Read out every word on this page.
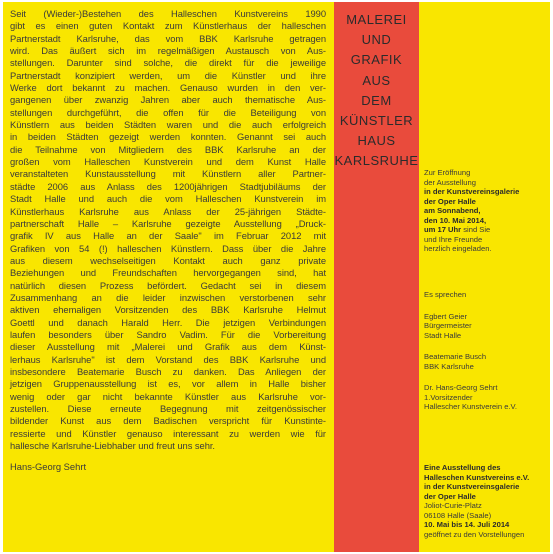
Seit (Wieder-)Bestehen des Halleschen Kunstvereins 1990
gibt es einen guten Kontakt zum Künstlerhaus der halleschen
Partnerstadt Karlsruhe, das vom BBK Karlsruhe getragen
wird. Das äußert sich im regelmäßigen Austausch von Aus-
stellungen. Darunter sind solche, die direkt für die jeweilige
Partnerstadt konzipiert werden, um die Künstler und ihre
Werke dort bekannt zu machen. Genauso wurden in den ver-
gangenen über zwanzig Jahren aber auch thematische Aus-
stellungen durchgeführt, die offen für die Beteiligung von
Künstlern aus beiden Städten waren und die auch erfolgreich
in beiden Städten gezeigt werden konnten. Genannt sei auch
die Teilnahme von Mitgliedern des BBK Karlsruhe an der
großen vom Halleschen Kunstverein und dem Kunst Halle
veranstalteten Kunstausstellung mit Künstlern aller Partner-
städte 2006 aus Anlass des 1200jährigen Stadtjubiläums der
Stadt Halle und auch die vom Halleschen Kunstverein im
Künstlerhaus Karlsruhe aus Anlass der 25-jährigen Städte-
partnerschaft Halle – Karlsruhe gezeigte Ausstellung „Druck-
grafik IV aus Halle an der Saale" im Februar 2012 mit
Grafiken von 54 (!) halleschen Künstlern. Dass über die Jahre
aus diesem wechselseitigen Kontakt auch ganz private
Beziehungen und Freundschaften hervorgegangen sind, hat
natürlich diesen Prozess befördert. Gedacht sei in diesem
Zusammenhang an die leider inzwischen verstorbenen sehr
aktiven ehemaligen Vorsitzenden des BBK Karlsruhe Helmut
Goettl und danach Harald Herr. Die jetzigen Verbindungen
laufen besonders über Sandro Vadim. Für die Vorbereitung
dieser Ausstellung mit „Malerei und Grafik aus dem Künst-
lerhaus Karlsruhe" ist dem Vorstand des BBK Karlsruhe und
insbesondere Beatemarie Busch zu danken. Das Anliegen der
jetzigen Gruppenausstellung ist es, vor allem in Halle bisher
wenig oder gar nicht bekannte Künstler aus Karlsruhe vor-
zustellen. Diese erneute Begegnung mit zeitgenössischer
bildender Kunst aus dem Badischen verspricht für Kunstinte-
ressierte und Künstler genauso interessant zu werden wie für
hallesche Karlsruhe-Liebhaber und freut uns sehr.
Hans-Georg Sehrt
MALEREI
UND
GRAFIK
AUS
DEM
KÜNSTLER
HAUS
KARLSRUHE
Zur Eröffnung
der Ausstellung
in der Kunstvereinsgalerie
der Oper Halle
am Sonnabend,
den 10. Mai 2014,
um 17 Uhr sind Sie
und Ihre Freunde
herzlich eingeladen.

Es sprechen

Egbert Geier
Bürgermeister
Stadt Halle

Beatemarie Busch
BBK Karlsruhe

Dr. Hans-Georg Sehrt
1.Vorsitzender
Hallescher Kunstverein e.V.

Eine Ausstellung des
Halleschen Kunstvereins e.V.
in der Kunstvereinsgalerie
der Oper Halle
Joliot-Curie-Platz
06108 Halle (Saale)
10. Mai bis 14. Juli 2014
geöffnet zu den Vorstellungen
